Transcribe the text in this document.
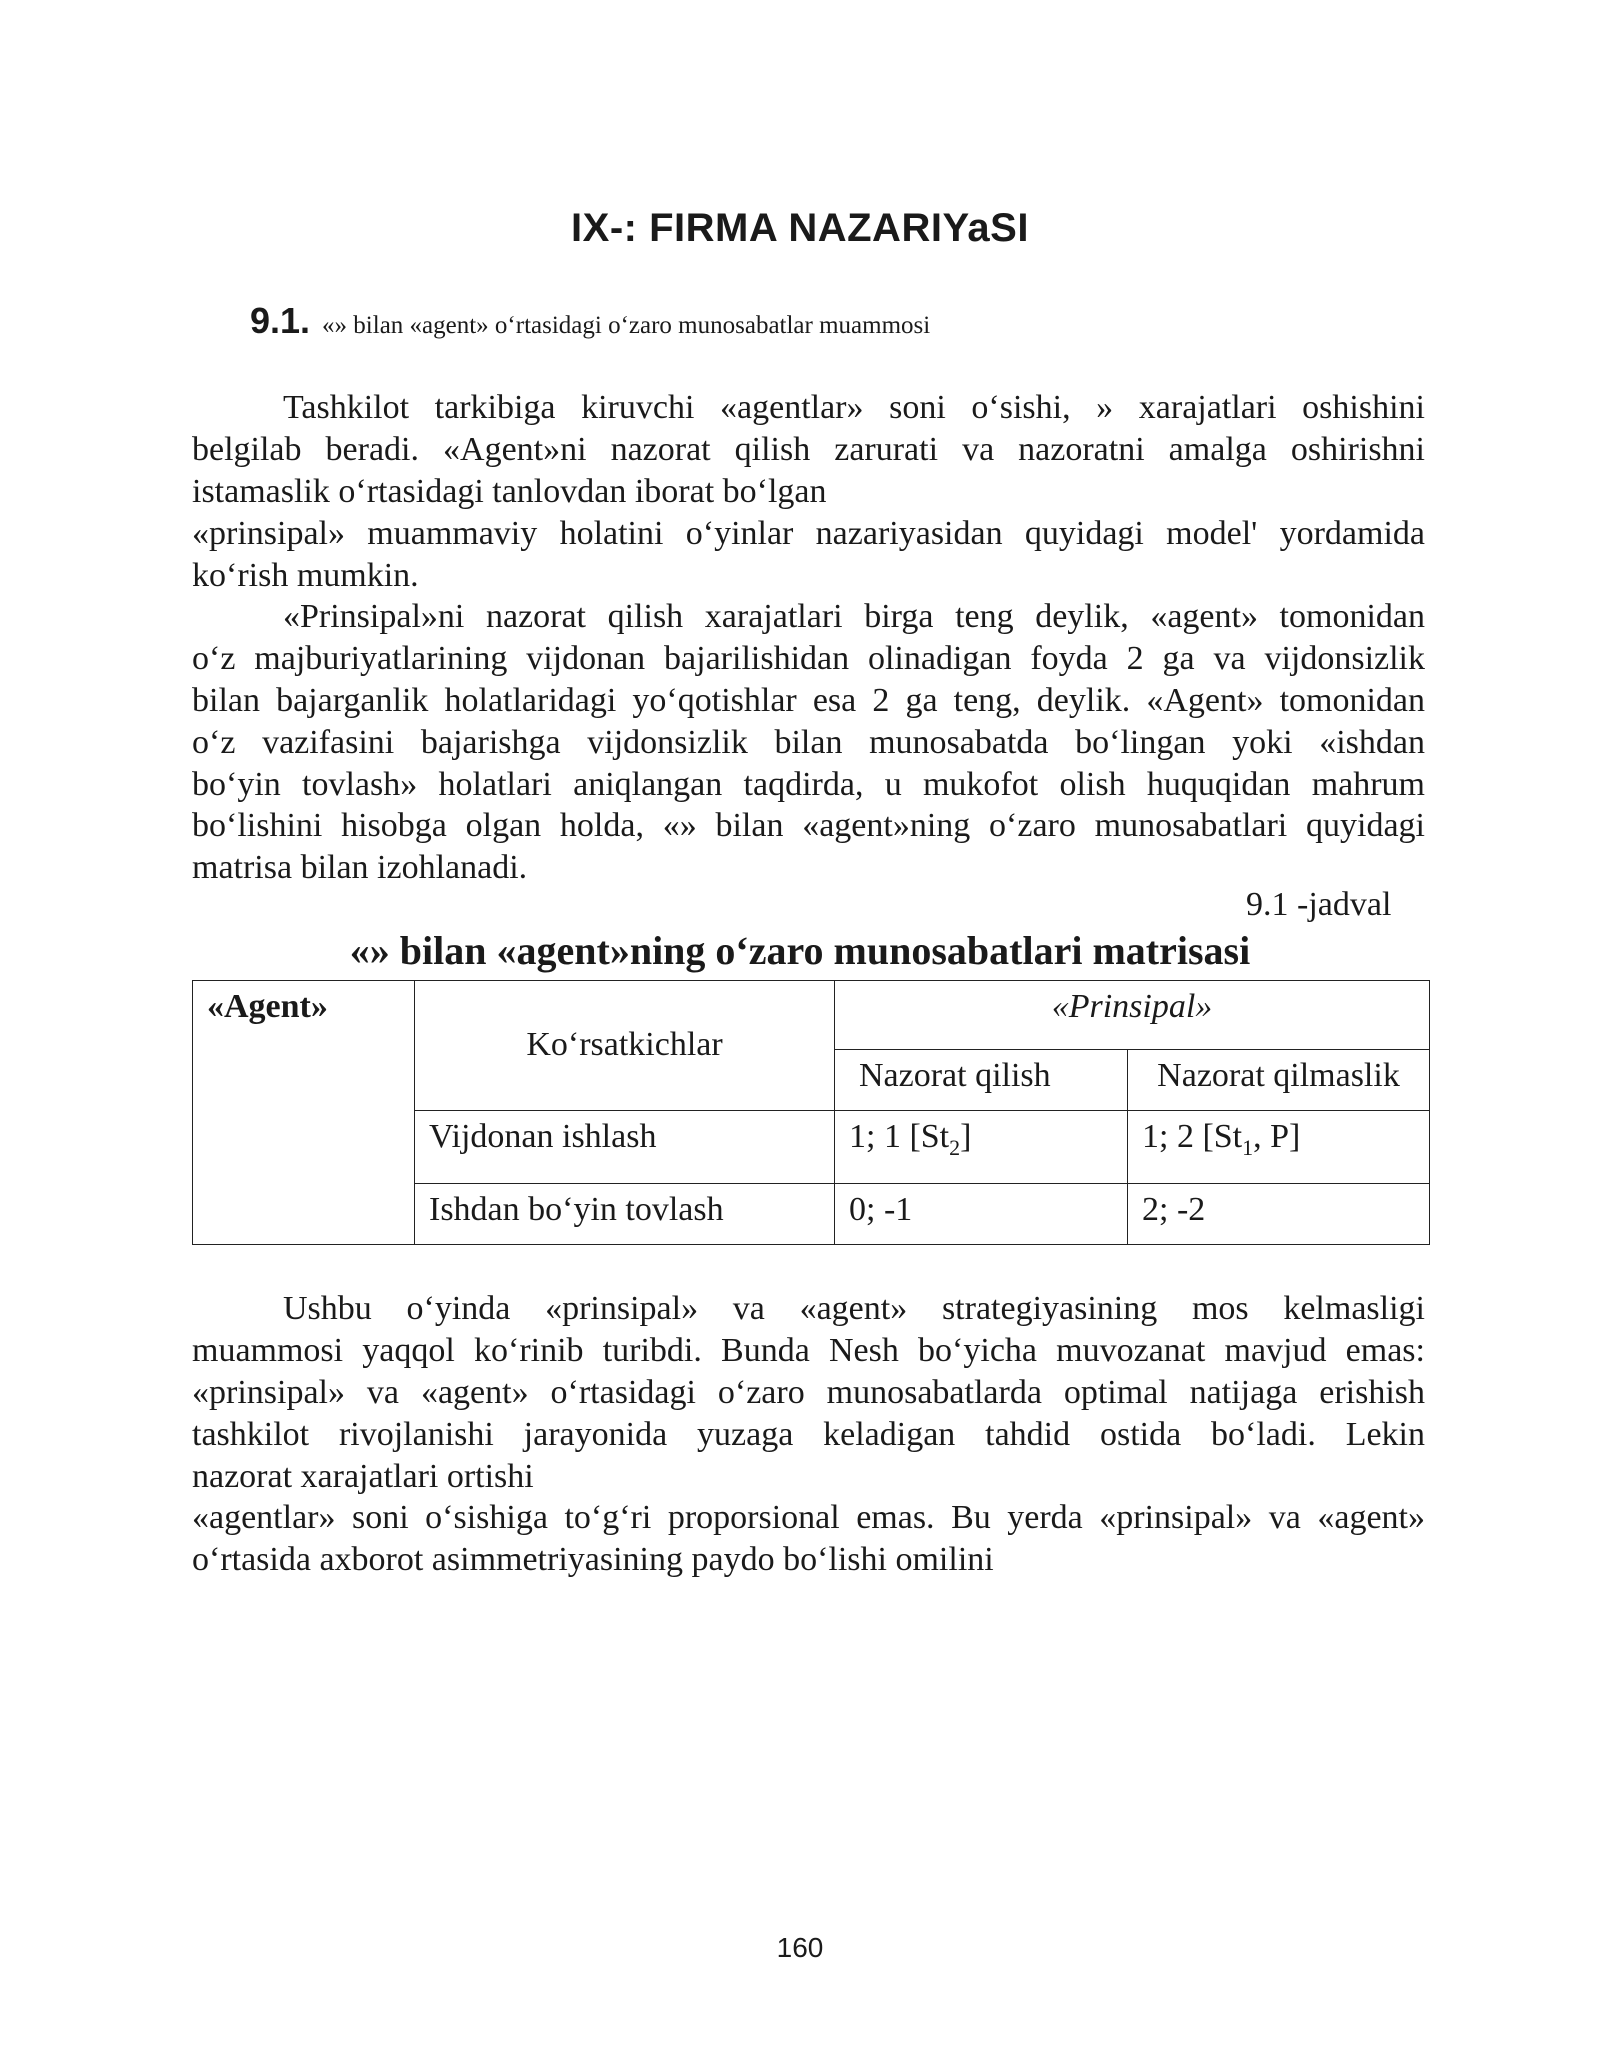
IX-: FIRMA NAZARIYaSI
9.1. «» bilan «agent» o‘rtasidagi o‘zaro munosabatlar muammosi
Tashkilot tarkibiga kiruvchi «agentlar» soni o‘sishi, » xarajatlari oshishini
belgilab beradi. «Agent»ni nazorat qilish zarurati va nazoratni amalga oshirishni
istamaslik o‘rtasidagi tanlovdan iborat bo‘lgan
«prinsipal» muammaviy holatini o‘yinlar nazariyasidan quyidagi model' yordamida
ko‘rish mumkin.
«Prinsipal»ni nazorat qilish xarajatlari birga teng deylik, «agent» tomonidan
o‘z majburiyatlarining vijdonan bajarilishidan olinadigan foyda 2 ga va vijdonsizlik
bilan bajarganlik holatlaridagi yo‘qotishlar esa 2 ga teng, deylik. «Agent» tomonidan
o‘z vazifasini bajarishga vijdonsizlik bilan munosabatda bo‘lingan yoki «ishdan
bo‘yin tovlash» holatlari aniqlangan taqdirda, u mukofot olish huquqidan mahrum
bo‘lishini hisobga olgan holda, «» bilan «agent»ning o‘zaro munosabatlari quyidagi
matrisa bilan izohlanadi.
9.1 -jadval
«» bilan «agent»ning o‘zaro munosabatlari matrisasi
«Agent»	Ko‘rsatkichlar	«Prinsipal»	
		Nazorat qilish	Nazorat qilmaslik
	Vijdonan ishlash	1; 1 $[St_2]$	1; 2 [$St_1$, P]
	Ishdan bo‘yin tovlash	0; -1	2; -2
Ushbu o‘yinda «prinsipal» va «agent» strategiyasining mos kelmasligi
muammosi yaqqol ko‘rinib turibdi. Bunda Nesh bo‘yicha muvozanat mavjud emas:
«prinsipal» va «agent» o‘rtasidagi o‘zaro munosabatlarda optimal natijaga erishish
tashkilot rivojlanishi jarayonida yuzaga keladigan tahdid ostida bo‘ladi. Lekin
nazorat xarajatlari ortishi
«agentlar» soni o‘sishiga to‘g‘ri proporsional emas. Bu yerda «prinsipal» va «agent»
o‘rtasida axborot asimmetriyasining paydo bo‘lishi omilini
160
